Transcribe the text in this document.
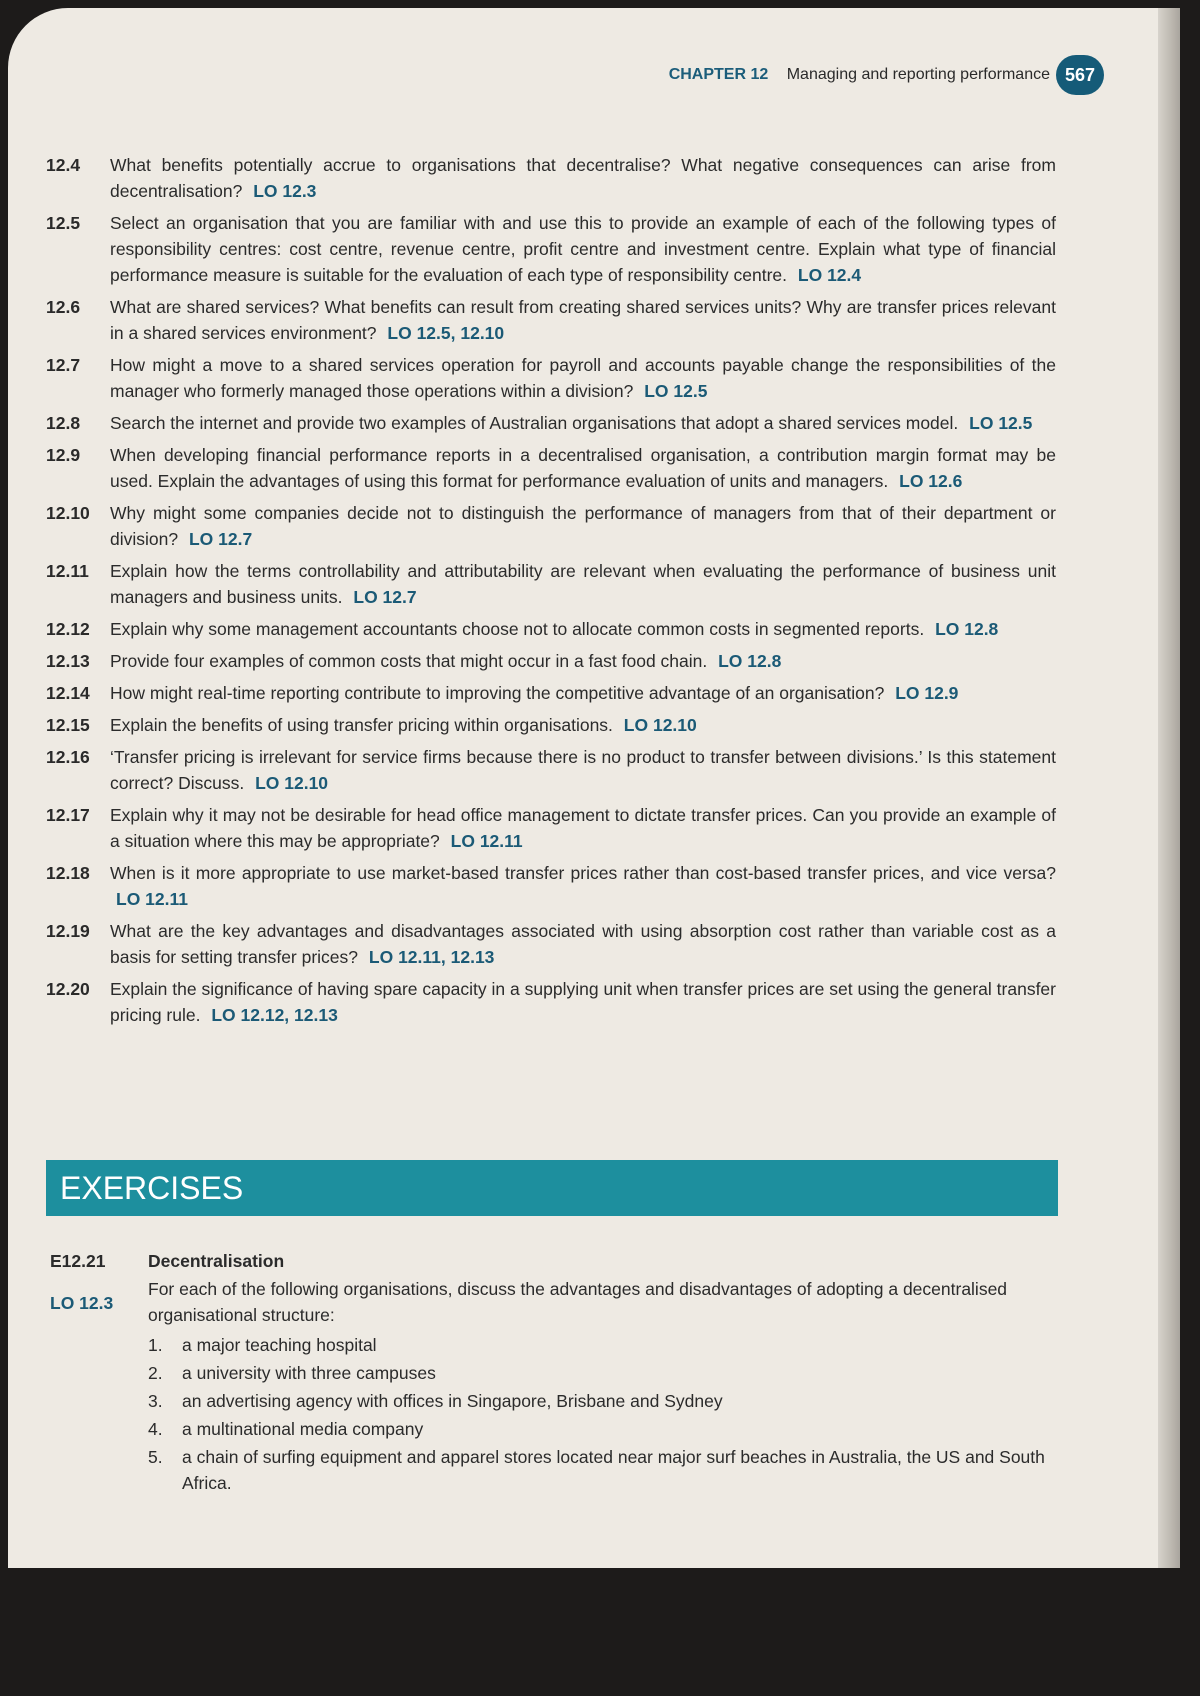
CHAPTER 12 Managing and reporting performance 567
12.4	What benefits potentially accrue to organisations that decentralise? What negative consequences can arise from decentralisation? LO 12.3
12.5	Select an organisation that you are familiar with and use this to provide an example of each of the following types of responsibility centres: cost centre, revenue centre, profit centre and investment centre. Explain what type of financial performance measure is suitable for the evaluation of each type of responsibility centre. LO 12.4
12.6	What are shared services? What benefits can result from creating shared services units? Why are transfer prices relevant in a shared services environment? LO 12.5, 12.10
12.7	How might a move to a shared services operation for payroll and accounts payable change the responsibilities of the manager who formerly managed those operations within a division? LO 12.5
12.8	Search the internet and provide two examples of Australian organisations that adopt a shared services model. LO 12.5
12.9	When developing financial performance reports in a decentralised organisation, a contribution margin format may be used. Explain the advantages of using this format for performance evaluation of units and managers. LO 12.6
12.10	Why might some companies decide not to distinguish the performance of managers from that of their department or division? LO 12.7
12.11	Explain how the terms controllability and attributability are relevant when evaluating the performance of business unit managers and business units. LO 12.7
12.12	Explain why some management accountants choose not to allocate common costs in segmented reports. LO 12.8
12.13	Provide four examples of common costs that might occur in a fast food chain. LO 12.8
12.14	How might real-time reporting contribute to improving the competitive advantage of an organisation? LO 12.9
12.15	Explain the benefits of using transfer pricing within organisations. LO 12.10
12.16	‘Transfer pricing is irrelevant for service firms because there is no product to transfer between divisions.’ Is this statement correct? Discuss. LO 12.10
12.17	Explain why it may not be desirable for head office management to dictate transfer prices. Can you provide an example of a situation where this may be appropriate? LO 12.11
12.18	When is it more appropriate to use market-based transfer prices rather than cost-based transfer prices, and vice versa? LO 12.11
12.19	What are the key advantages and disadvantages associated with using absorption cost rather than variable cost as a basis for setting transfer prices? LO 12.11, 12.13
12.20	Explain the significance of having spare capacity in a supplying unit when transfer prices are set using the general transfer pricing rule. LO 12.12, 12.13
EXERCISES
E12.21
LO 12.3
Decentralisation
For each of the following organisations, discuss the advantages and disadvantages of adopting a decentralised organisational structure:
1.	a major teaching hospital
2.	a university with three campuses
3.	an advertising agency with offices in Singapore, Brisbane and Sydney
4.	a multinational media company
5.	a chain of surfing equipment and apparel stores located near major surf beaches in Australia, the US and South Africa.
